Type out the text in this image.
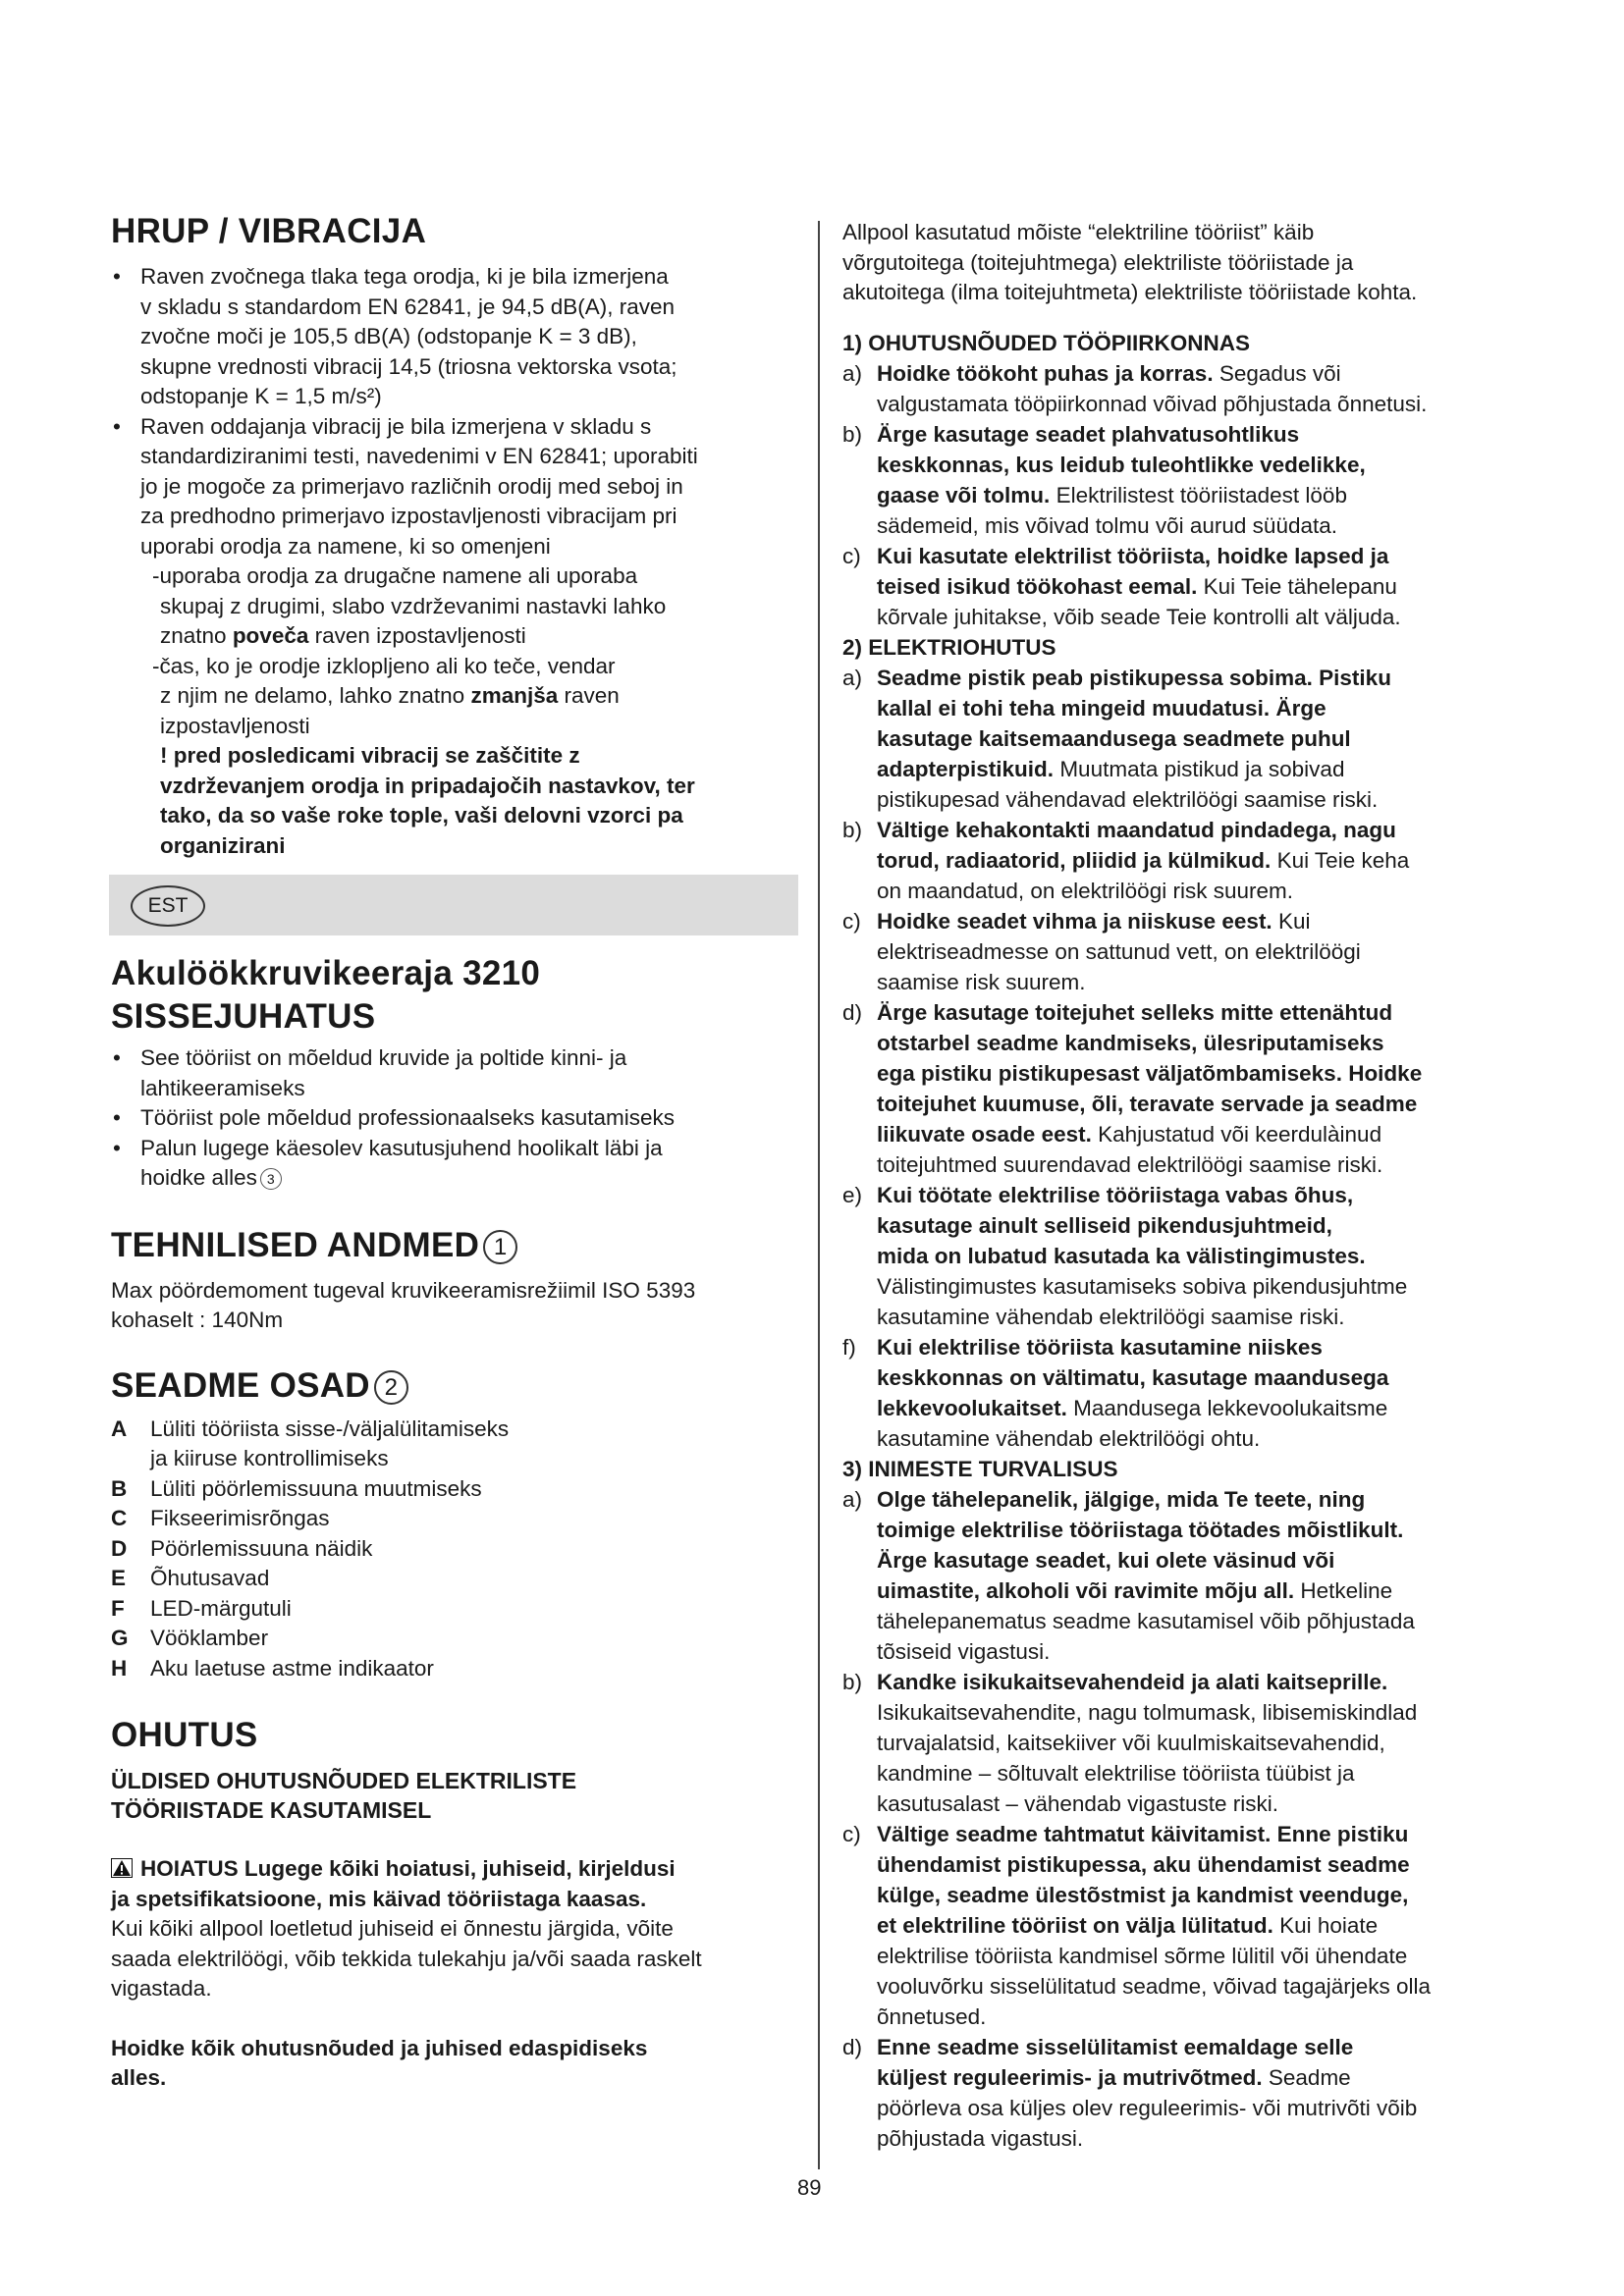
HRUP / VIBRACIJA

• Raven zvočnega tlaka tega orodja, ki je bila izmerjena

v skladu s standardom EN 62841, je 94,5 dB(A), raven

zvočne moči je 105,5 dB(A) (odstopanje K = 3 dB),

skupne vrednosti vibracij 14,5 (triosna vektorska vsota;

odstopanje K = 1,5 m/s²)

• Raven oddajanja vibracij je bila izmerjena v skladu s

standardiziranimi testi, navedenimi v EN 62841; uporabiti

jo je mogoče za primerjavo različnih orodij med seboj in

za predhodno primerjavo izpostavljenosti vibracijam pri

uporabi orodja za namene, ki so omenjeni

-uporaba orodja za drugačne namene ali uporaba

skupaj z drugimi, slabo vzdrževanimi nastavki lahko

znatno poveča raven izpostavljenosti

-čas, ko je orodje izklopljeno ali ko teče, vendar

z njim ne delamo, lahko znatno zmanjša raven

izpostavljenosti

! pred posledicami vibracij se zaščitite z

vzdrževanjem orodja in pripadajočih nastavkov, ter

tako, da so vaše roke tople, vaši delovni vzorci pa

organizirani

EST
Akulöökkruvikeeraja 3210
SISSEJUHATUS

• See tööriist on mõeldud kruvide ja poltide kinni- ja

lahtikeeramiseks

• Tööriist pole mõeldud professionaalseks kasutamiseks

• Palun lugege käesolev kasutusjuhend hoolikalt läbi ja

hoidke alles 3

TEHNILISED ANDMED 1

Max pöördemoment tugeval kruvikeeramisrežiimil ISO 5393

kohaselt : 140Nm

SEADME OSAD 2
A	Lüliti tööriista sisse-/väljalülitamiseks
ja kiiruse kontrollimiseks
B	Lüliti pöörlemissuuna muutmiseks
C	Fikseerimisrõngas
D	Pöörlemissuuna näidik
E	Õhutusavad
F	LED-märgutuli
G Vööklamber
H	Aku laetuse astme indikaator
OHUTUS

ÜLDISED OHUTUSNÕUDED ELEKTRILISTE

TÖÖRIISTADE KASUTAMISEL

HOIATUS Lugege kõiki hoiatusi, juhiseid, kirjeldusi

ja spetsifikatsioone, mis käivad tööriistaga kaasas.

Kui kõiki allpool loetletud juhiseid ei õnnestu järgida, võite

saada elektrilöögi, võib tekkida tulekahju ja/või saada raskelt

vigastada.

Hoidke kõik ohutusnõuded ja juhised edaspidiseks

alles.

Allpool kasutatud mõiste “elektriline tööriist” käib

võrgutoitega (toitejuhtmega) elektriliste tööriistade ja

akutoitega (ilma toitejuhtmeta) elektriliste tööriistade kohta.

1) OHUTUSNÕUDED TÖÖPIIRKONNAS
a) Hoidke töökoht puhas ja korras. Segadus või

valgustamata tööpiirkonnad võivad põhjustada õnnetusi.

b) Ärge kasutage seadet plahvatusohtlikus

keskkonnas, kus leidub tuleohtlikke vedelikke,

gaase või tolmu. Elektrilistest tööriistadest lööb

sädemeid, mis võivad tolmu või aurud süüdata.

c) Kui kasutate elektrilist tööriista, hoidke lapsed ja

teised isikud töökohast eemal. Kui Teie tähelepanu

kõrvale juhitakse, võib seade Teie kontrolli alt väljuda.

2) ELEKTRIOHUTUS
a) Seadme pistik peab pistikupessa sobima. Pistiku

kallal ei tohi teha mingeid muudatusi. Ärge

kasutage kaitsemaandusega seadmete puhul

adapterpistikuid. Muutmata pistikud ja sobivad

pistikupesad vähendavad elektrilöögi saamise riski.

b) Vältige kehakontakti maandatud pindadega, nagu

torud, radiaatorid, pliidid ja külmikud. Kui Teie keha

on maandatud, on elektrilöögi risk suurem.

c) Hoidke seadet vihma ja niiskuse eest. Kui

elektriseadmesse on sattunud vett, on elektrilöögi

saamise risk suurem.

d) Ärge kasutage toitejuhet selleks mitte ettenähtud

otstarbel seadme kandmiseks, ülesriputamiseks

ega pistiku pistikupesast väljatõmbamiseks. Hoidke

toitejuhet kuumuse, õli, teravate servade ja seadme

liikuvate osade eest. Kahjustatud või keerdulàinud

toitejuhtmed suurendavad elektrilöögi saamise riski.

e) Kui töötate elektrilise tööriistaga vabas õhus,

kasutage ainult selliseid pikendusjuhtmeid,

mida on lubatud kasutada ka välistingimustes.

Välistingimustes kasutamiseks sobiva pikendusjuhtme

kasutamine vähendab elektrilöögi saamise riski.

f) Kui elektrilise tööriista kasutamine niiskes

keskkonnas on vältimatu, kasutage maandusega

lekkevoolukaitset. Maandusega lekkevoolukaitsme

kasutamine vähendab elektrilöögi ohtu.

3) INIMESTE TURVALISUS
a) Olge tähelepanelik, jälgige, mida Te teete, ning

toimige elektrilise tööriistaga töötades mõistlikult.

Ärge kasutage seadet, kui olete väsinud või

uimastite, alkoholi või ravimite mõju all. Hetkeline

tähelepanematus seadme kasutamisel võib põhjustada

tõsiseid vigastusi.

b) Kandke isikukaitsevahendeid ja alati kaitseprille.

Isikukaitsevahendite, nagu tolmumask, libisemiskindlad

turvajalatsid, kaitsekiiver või kuulmiskaitsevahendid,

kandmine – sõltuvalt elektrilise tööriista tüübist ja

kasutusalast – vähendab vigastuste riski.

c) Vältige seadme tahtmatut käivitamist. Enne pistiku

ühendamist pistikupessa, aku ühendamist seadme

külge, seadme ülestõstmist ja kandmist veenduge,

et elektriline tööriist on välja lülitatud. Kui hoiate

elektrilise tööriista kandmisel sõrme lülitil või ühendate

vooluvõrku sisselülitatud seadme, võivad tagajärjeks olla

õnnetused.

d) Enne seadme sisselülitamist eemaldage selle

küljest reguleerimis- ja mutrivõtmed. Seadme

pöörleva osa küljes olev reguleerimis- või mutrivõti võib

põhjustada vigastusi.

89
